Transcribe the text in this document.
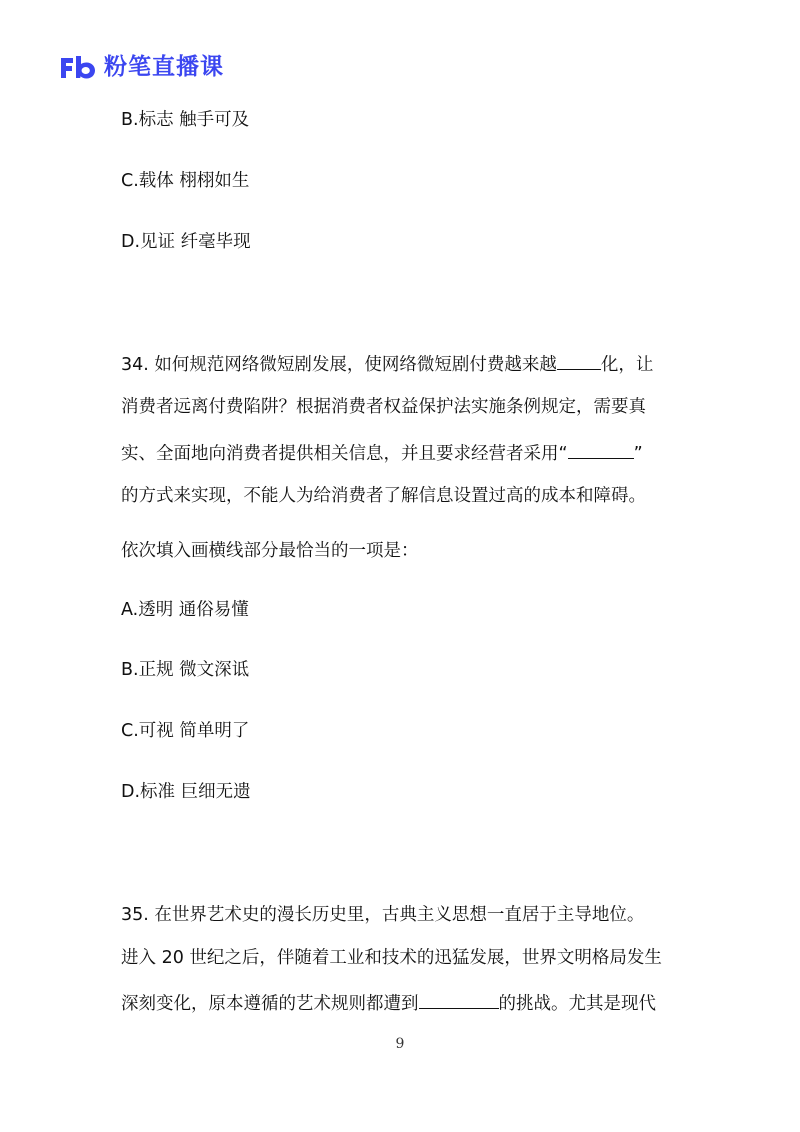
粉笔直播课
B.标志 触手可及
C.载体 栩栩如生
D.见证 纤毫毕现
34. 如何规范网络微短剧发展，使网络微短剧付费越来越	化，让
消费者远离付费陷阱？根据消费者权益保护法实施条例规定，需要真
实、全面地向消费者提供相关信息，并且要求经营者采用“	”
的方式来实现，不能人为给消费者了解信息设置过高的成本和障碍。
依次填入画横线部分最恰当的一项是：
A.透明 通俗易懂
B.正规 微文深诋
C.可视 简单明了
D.标准 巨细无遗
35. 在世界艺术史的漫长历史里，古典主义思想一直居于主导地位。
进入 20 世纪之后，伴随着工业和技术的迅猛发展，世界文明格局发生
深刻变化，原本遵循的艺术规则都遭到	的挑战。尤其是现代
9
